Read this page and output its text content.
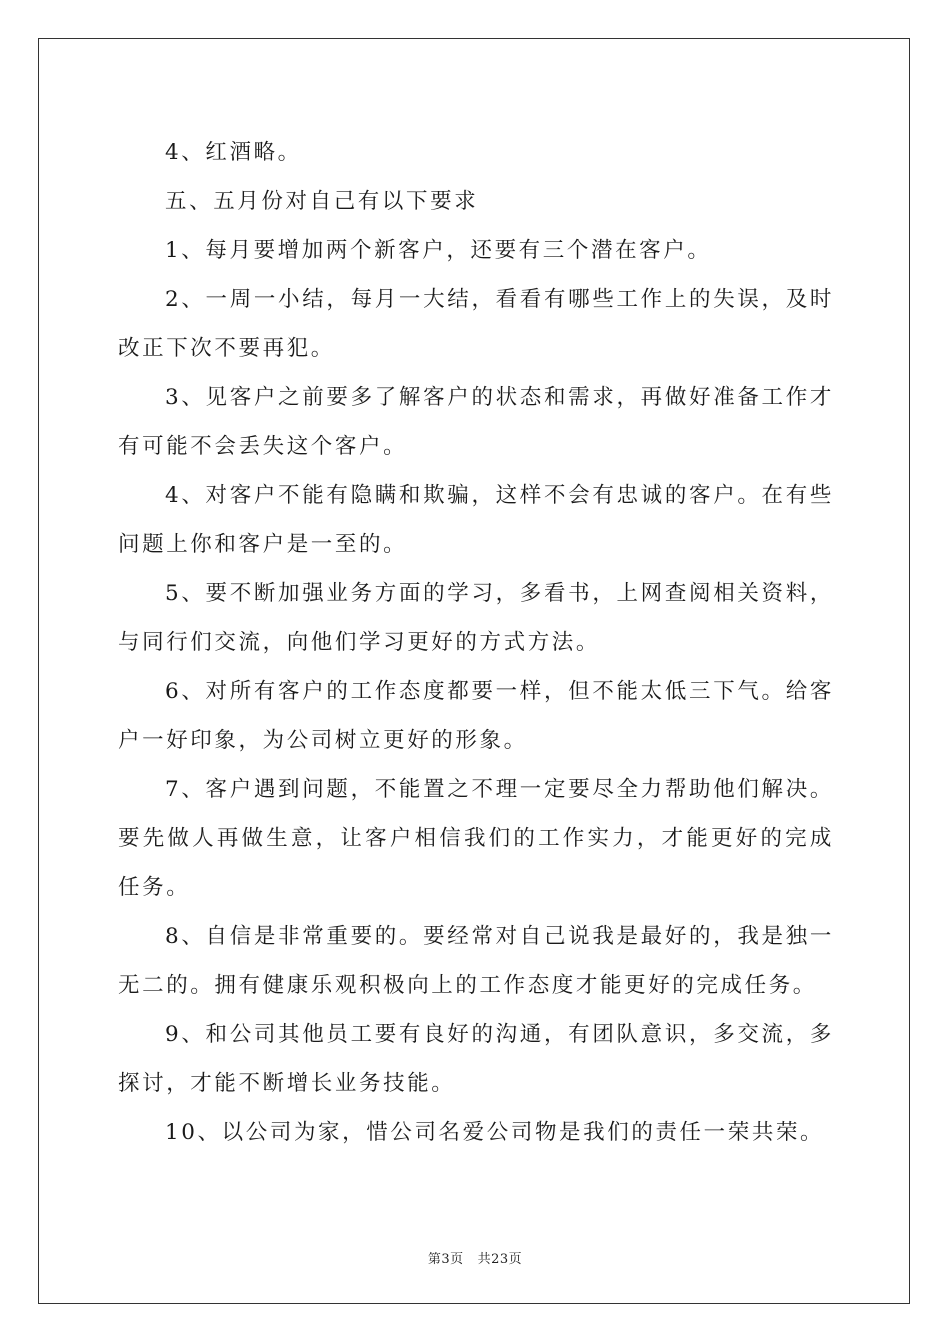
4、红酒略。

五、五月份对自己有以下要求

1、每月要增加两个新客户，还要有三个潜在客户。

2、一周一小结，每月一大结，看看有哪些工作上的失误，及时改正下次不要再犯。

3、见客户之前要多了解客户的状态和需求，再做好准备工作才有可能不会丢失这个客户。

4、对客户不能有隐瞒和欺骗，这样不会有忠诚的客户。在有些问题上你和客户是一至的。

5、要不断加强业务方面的学习，多看书，上网查阅相关资料，与同行们交流，向他们学习更好的方式方法。

6、对所有客户的工作态度都要一样，但不能太低三下气。给客户一好印象，为公司树立更好的形象。

7、客户遇到问题，不能置之不理一定要尽全力帮助他们解决。要先做人再做生意，让客户相信我们的工作实力，才能更好的完成任务。

8、自信是非常重要的。要经常对自己说我是最好的，我是独一无二的。拥有健康乐观积极向上的工作态度才能更好的完成任务。

9、和公司其他员工要有良好的沟通，有团队意识，多交流，多探讨，才能不断增长业务技能。

10、以公司为家，惜公司名爱公司物是我们的责任一荣共荣。

第3页 共23页
